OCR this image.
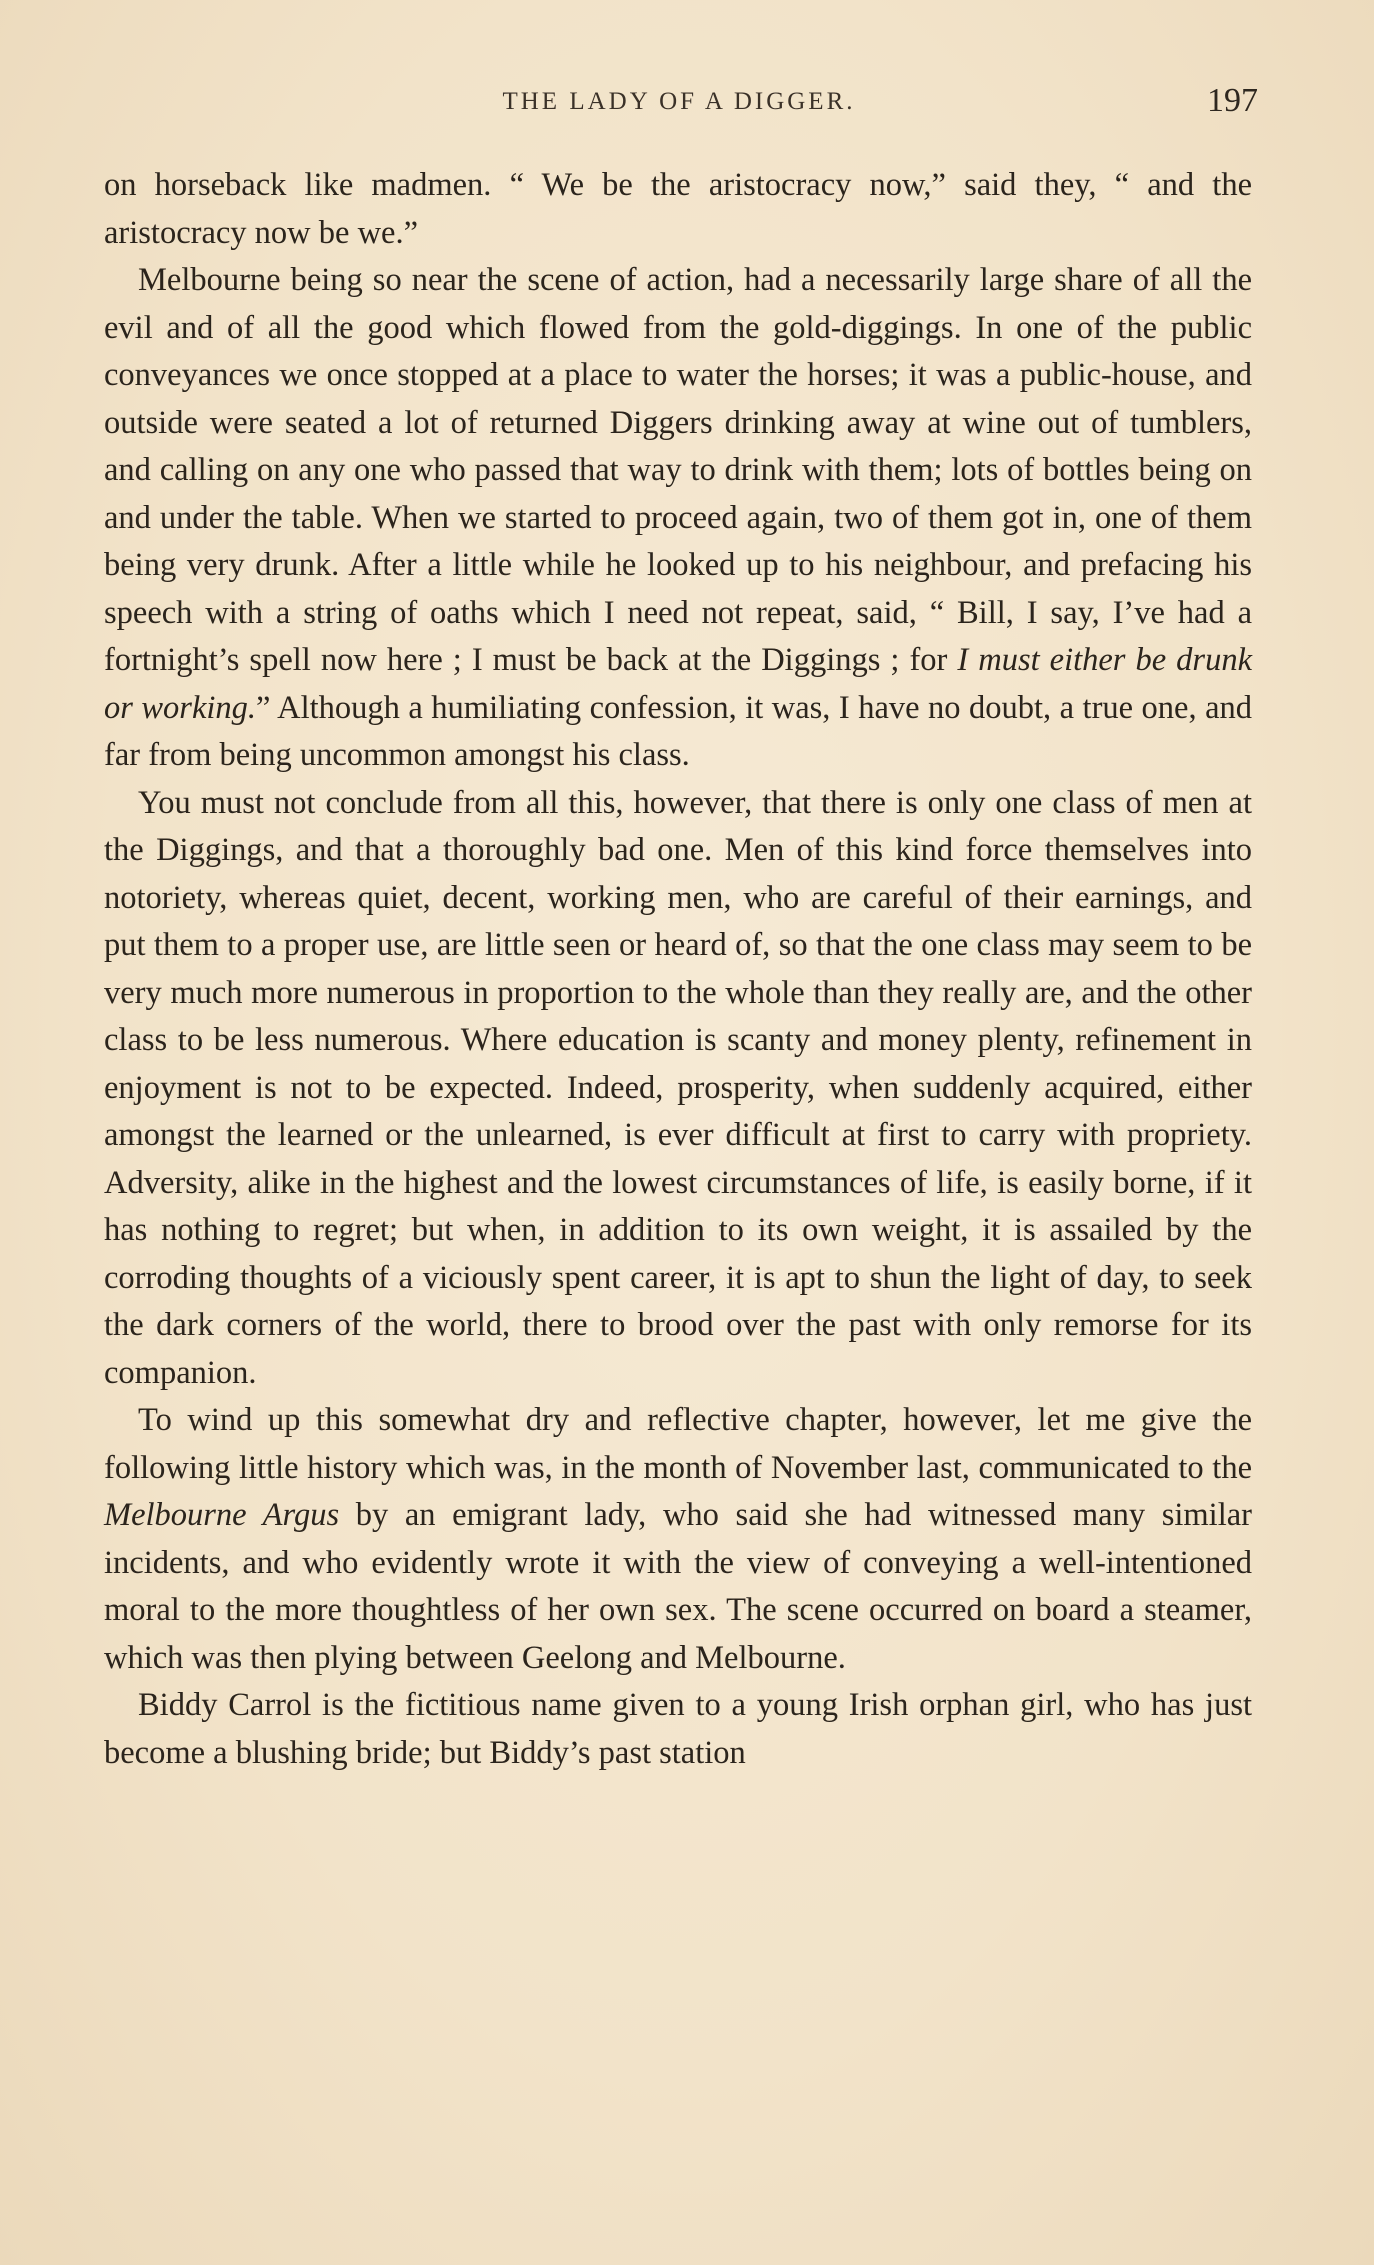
THE LADY OF A DIGGER.	197

on horseback like madmen. “ We be the aristocracy now,” said they, “ and the aristocracy now be we.”

Melbourne being so near the scene of action, had a necessarily large share of all the evil and of all the good which flowed from the gold-diggings. In one of the public conveyances we once stopped at a place to water the horses; it was a public-house, and outside were seated a lot of returned Diggers drinking away at wine out of tumblers, and calling on any one who passed that way to drink with them; lots of bottles being on and under the table. When we started to proceed again, two of them got in, one of them being very drunk. After a little while he looked up to his neighbour, and prefacing his speech with a string of oaths which I need not repeat, said, “ Bill, I say, I’ve had a fortnight’s spell now here ; I must be back at the Diggings ; for I must either be drunk or working.” Although a humiliating confession, it was, I have no doubt, a true one, and far from being uncommon amongst his class.

You must not conclude from all this, however, that there is only one class of men at the Diggings, and that a thoroughly bad one. Men of this kind force themselves into notoriety, whereas quiet, decent, working men, who are careful of their earnings, and put them to a proper use, are little seen or heard of, so that the one class may seem to be very much more numerous in proportion to the whole than they really are, and the other class to be less numerous. Where education is scanty and money plenty, refinement in enjoyment is not to be expected. Indeed, prosperity, when suddenly acquired, either amongst the learned or the unlearned, is ever difficult at first to carry with propriety. Adversity, alike in the highest and the lowest circumstances of life, is easily borne, if it has nothing to regret; but when, in addition to its own weight, it is assailed by the corroding thoughts of a viciously spent career, it is apt to shun the light of day, to seek the dark corners of the world, there to brood over the past with only remorse for its companion.

To wind up this somewhat dry and reflective chapter, however, let me give the following little history which was, in the month of November last, communicated to the Melbourne Argus by an emigrant lady, who said she had witnessed many similar incidents, and who evidently wrote it with the view of conveying a well-intentioned moral to the more thoughtless of her own sex. The scene occurred on board a steamer, which was then plying between Geelong and Melbourne.

Biddy Carrol is the fictitious name given to a young Irish orphan girl, who has just become a blushing bride; but Biddy’s past station
